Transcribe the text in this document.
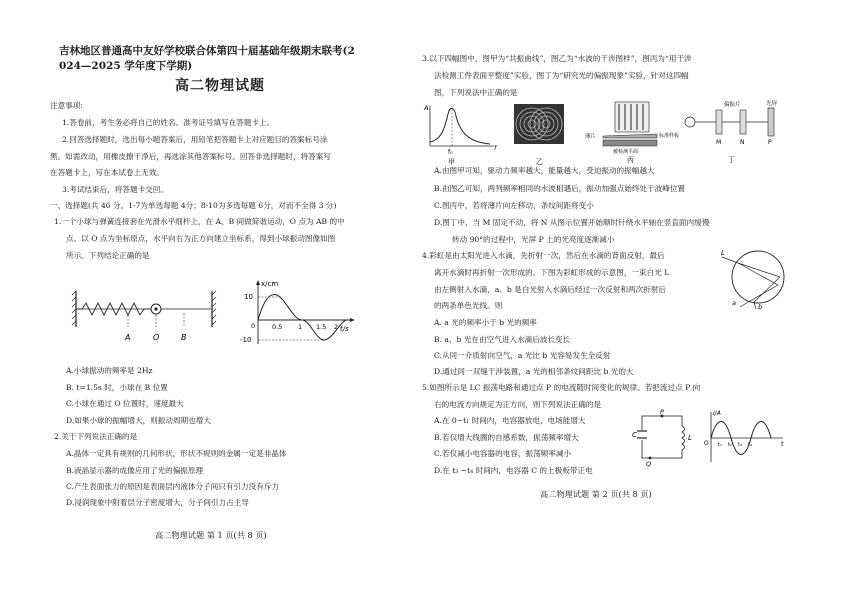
吉林地区普通高中友好学校联合体第四十届基础年级期末联考(2
024—2025 学年度下学期)
高二物理试题
注意事项:
1.答卷前，考生务必将自己的姓名、准考证号填写在答题卡上。
2.回答选择题时，选出每小题答案后，用铅笔把答题卡上对应题目的答案标号涂
黑。如需改动，用橡皮擦干净后，再选涂其他答案标号。回答非选择题时，将答案写
在答题卡上，写在本试卷上无效。
3.考试结束后，将答题卡交回。
一、选择题(共 46 分。1-7为单选每题 4分；8-10为多选每题 6分，对而不全得 3 分)
1.一个小球与弹簧连接套在光滑水平细杆上，在 A、B 间做简谐运动，O 点为 AB 的中
点。以 O 点为坐标原点，水平向右为正方向建立坐标系，得到小球振动图像如图
所示。下列结论正确的是
A	O	B
x/cm
t/s
10
-10
0	0.5 1 1.5 2
A.小球振动的频率是 2Hz
B. t=1.5s 时，小球在 B 位置
C.小球在通过 O 位置时，速度最大
D.如果小球的振幅增大，则振动周期也增大
2.关于下列说法正确的是
A.晶体一定具有规则的几何形状，形状不规则的金属一定是非晶体
B.液晶显示器的成像应用了光的偏振原理
C.产生表面张力的原因是表面层内液体分子间只有引力没有斥力
D.浸润现象中附着层分子密度增大，分子间引力占主导
高二物理试题 第 1 页(共 8 页)
3.以下四幅图中，图甲为“共振曲线”，图乙为“水波的干涉图样”，图丙为“用干涉
法检测工件表面平整度”实验，图丁为“研究光的偏振现象”实验，针对这四幅
图，下列说法中正确的是
A
f
f₀
甲	乙
薄片	标准样板
被检测平面
丙
偏振片	光屏
M	N	P
丁
A.由图甲可知，驱动力频率越大，能量越大，受迫振动的振幅越大
B.由图乙可知，两列频率相同的水波相遇后，振动加强点始终处于波峰位置
C.图丙中，若将薄片向左移动，条纹间距将变小
D.图丁中，当 M 固定不动，将 N 从图示位置开始顺时针绕水平轴在竖直面内缓慢
转动 90°的过程中，光屏 P 上的光亮度逐渐减小
4.彩虹是由太阳光进入水滴，先折射一次，然后在水滴的背面反射，最后
离开水滴时再折射一次形成的。下图为彩虹形成的示意图，一束白光 L
由左侧射入水滴，a、b 是白光射入水滴后经过一次反射和两次折射后
的两条单色光线。则
L
a	b
A. a 光的频率小于 b 光的频率
B. a、b 光在由空气进入水滴后波长变长
C.从同一介质射向空气，a 光比 b 光容易发生全反射
D.通过同一双缝干涉装置，a 光的相邻条纹间距比 b 光的大
5.如图所示是 LC 振荡电路和通过点 P 的电流随时间变化的规律。若把流过点 P 向
右的电流方向规定为正方向，则下列说法正确的是
A.在 0~t₁ 时间内，电容器放电，电场能增大
B.若仅增大线圈的自感系数，振荡频率增大
C.若仅减小电容器的电容，振荡频率减小
D.在 t₃ ~t₄ 时间内，电容器 C 的上极板带正电
C	L
P
Q
i/A
t
O t₁ t₂ t₃ t₄
高二物理试题 第 2 页(共 8 页)
